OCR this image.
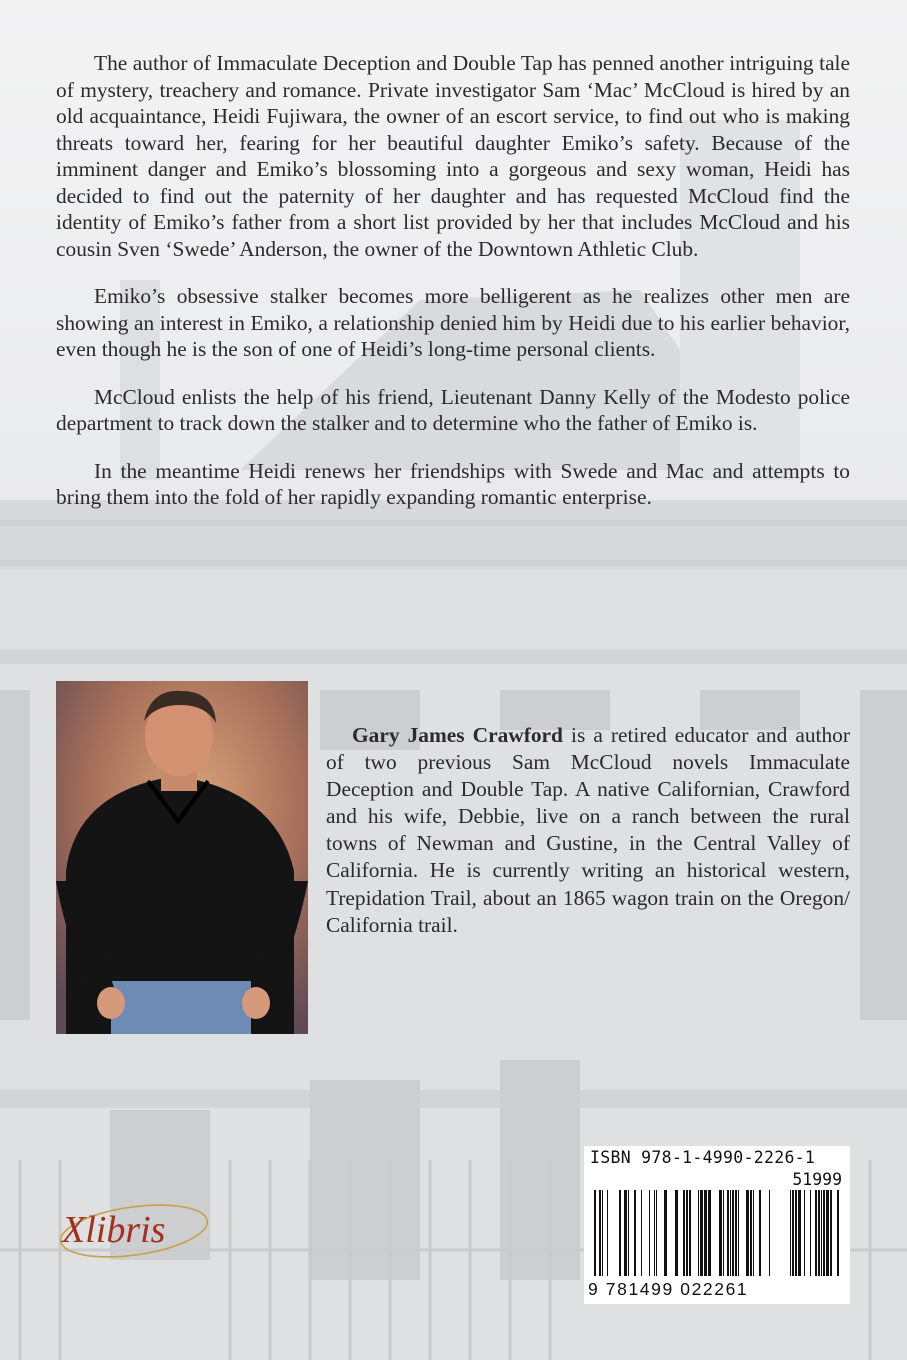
The author of Immaculate Deception and Double Tap has penned another intriguing tale of mystery, treachery and romance. Private investigator Sam ‘Mac’ McCloud is hired by an old acquaintance, Heidi Fujiwara, the owner of an escort service, to find out who is making threats toward her, fearing for her beautiful daughter Emiko’s safety. Because of the imminent danger and Emiko’s blossoming into a gorgeous and sexy woman, Heidi has decided to find out the paternity of her daughter and has requested McCloud find the identity of Emiko’s father from a short list provided by her that includes McCloud and his cousin Sven ‘Swede’ Anderson, the owner of the Downtown Athletic Club.

Emiko’s obsessive stalker becomes more belligerent as he realizes other men are showing an interest in Emiko, a relationship denied him by Heidi due to his earlier behavior, even though he is the son of one of Heidi’s long-time personal clients.

McCloud enlists the help of his friend, Lieutenant Danny Kelly of the Modesto police department to track down the stalker and to determine who the father of Emiko is.

In the meantime Heidi renews her friendships with Swede and Mac and attempts to bring them into the fold of her rapidly expanding romantic enterprise.

Gary James Crawford is a retired educator and author of two previous Sam McCloud novels Immaculate Deception and Double Tap. A native Californian, Crawford and his wife, Debbie, live on a ranch between the rural towns of Newman and Gustine, in the Central Valley of California. He is currently writing an historical western, Trepidation Trail, about an 1865 wagon train on the Oregon/ California trail.

Xlibris
ISBN 978-1-4990-2226-1
51999
9 781499 022261
